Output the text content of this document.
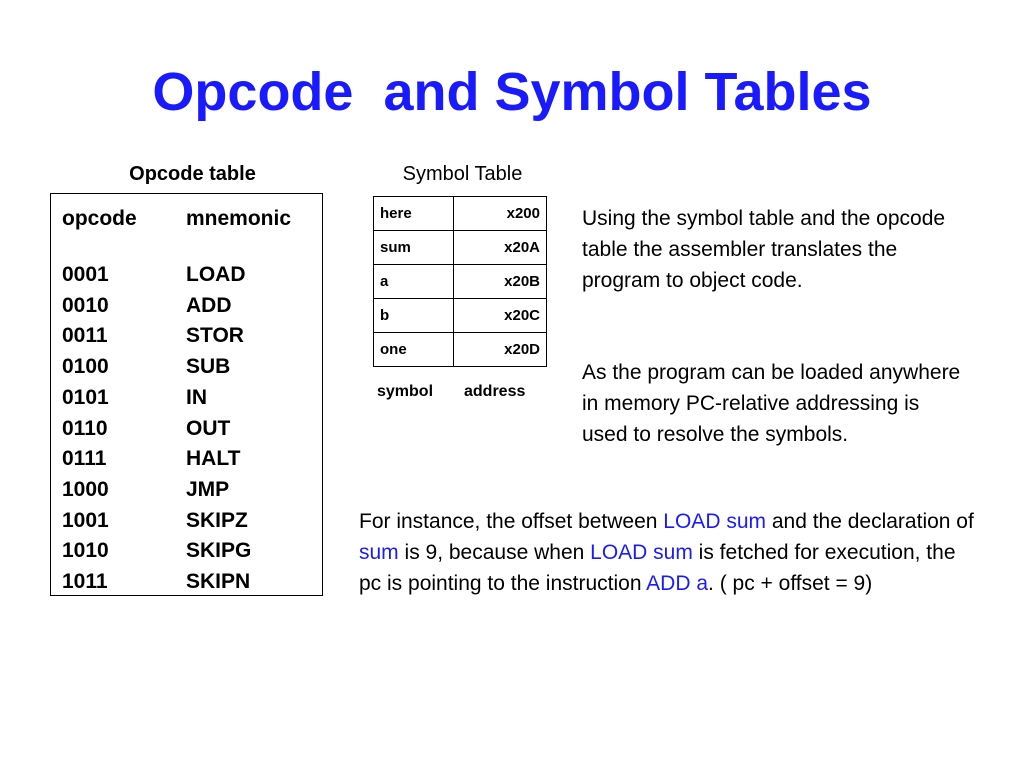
Opcode  and Symbol Tables
Opcode table
opcode	mnemonic
0001	LOAD
0010	ADD
0011	STOR
0100	SUB
0101	IN
0110	OUT
0111	HALT
1000	JMP
1001	SKIPZ
1010	SKIPG
1011	SKIPN
Symbol Table
here	x200
sum	x20A
a	x20B
b	x20C
one	x20D
symbol address
Using the symbol table and the opcode table the assembler translates the program to object code.
As the program can be loaded anywhere in memory PC-relative addressing is used to resolve the symbols.
For instance, the offset between LOAD sum and the declaration of sum is 9, because when LOAD sum is fetched for execution, the pc is pointing to the instruction ADD a. ( pc + offset = 9)
